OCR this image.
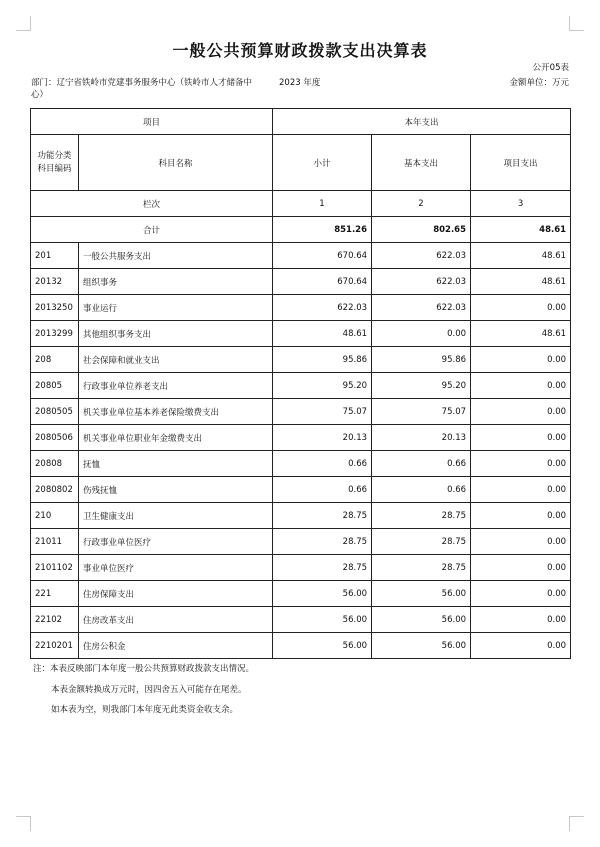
一般公共预算财政拨款支出决算表
公开05表
部门：辽宁省铁岭市党建事务服务中心（铁岭市人才储备中心）
2023 年度	金额单位：万元
项目		本年支出		
功能分类科目编码	科目名称	小计	基本支出	项目支出
栏次		1	2	3
合计		851.26	802.65	48.61
201	一般公共服务支出	670.64	622.03	48.61
20132	组织事务	670.64	622.03	48.61
2013250	事业运行	622.03	622.03	0.00
2013299	其他组织事务支出	48.61	0.00	48.61
208	社会保障和就业支出	95.86	95.86	0.00
20805	行政事业单位养老支出	95.20	95.20	0.00
2080505	机关事业单位基本养老保险缴费支出	75.07	75.07	0.00
2080506	机关事业单位职业年金缴费支出	20.13	20.13	0.00
20808	抚恤	0.66	0.66	0.00
2080802	伤残抚恤	0.66	0.66	0.00
210	卫生健康支出	28.75	28.75	0.00
21011	行政事业单位医疗	28.75	28.75	0.00
2101102	事业单位医疗	28.75	28.75	0.00
221	住房保障支出	56.00	56.00	0.00
22102	住房改革支出	56.00	56.00	0.00
2210201	住房公积金	56.00	56.00	0.00
注：本表反映部门本年度一般公共预算财政拨款支出情况。
本表金额转换成万元时，因四舍五入可能存在尾差。
如本表为空，则我部门本年度无此类资金收支余。
